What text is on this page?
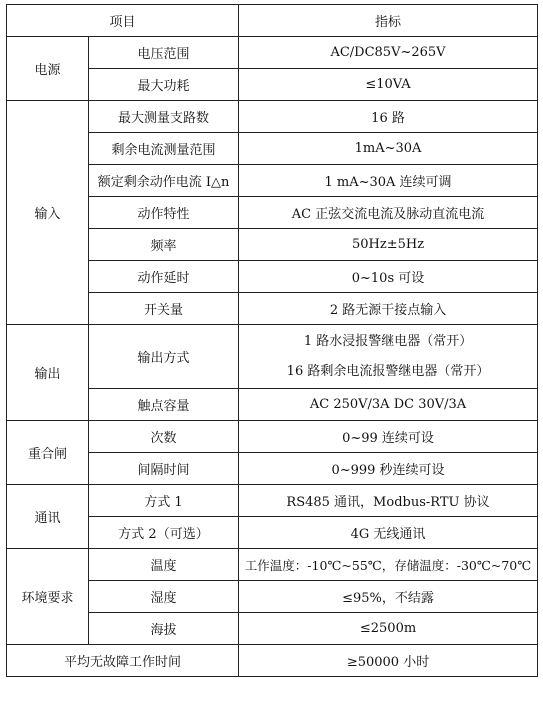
项目		指标
电源	电压范围	AC/DC85V~265V
	最大功耗	≤10VA
输入	最大测量支路数	16 路
	剩余电流测量范围	1mA~30A
	额定剩余动作电流 I△n	1 mA~30A 连续可调
	动作特性	AC 正弦交流电流及脉动直流电流
	频率	50Hz±5Hz
	动作延时	0~10s 可设
	开关量	2 路无源干接点输入
输出	输出方式	1 路水浸报警继电器（常开）
16 路剩余电流报警继电器（常开）

	触点容量	AC 250V/3A DC 30V/3A
重合闸	次数	0~99 连续可设
	间隔时间	0~999 秒连续可设
通讯	方式 1	RS485 通讯，Modbus-RTU 协议
	方式 2（可选）	4G 无线通讯
环境要求	温度	工作温度：-10℃~55℃，存储温度：-30℃~70℃
	湿度	≤95%，不结露
	海拔	≤2500m
平均无故障工作时间		≥50000 小时
